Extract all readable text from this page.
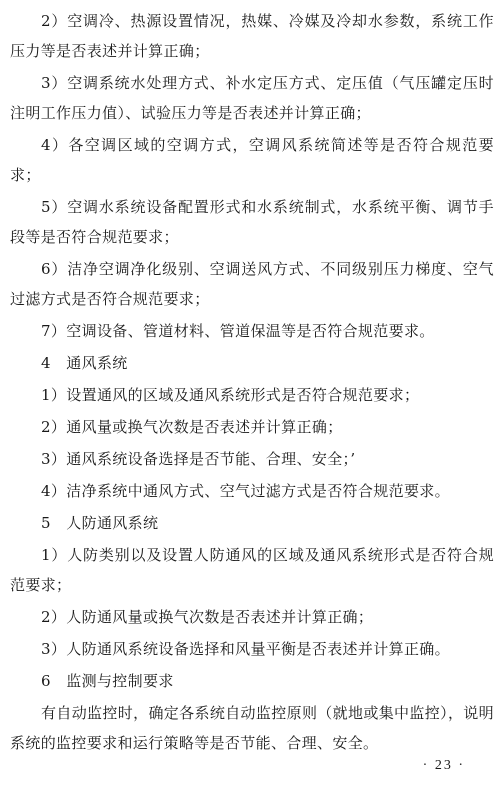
2）空调冷、热源设置情况，热媒、冷媒及冷却水参数，系统工作压力等是否表述并计算正确；

3）空调系统水处理方式、补水定压方式、定压值（气压罐定压时注明工作压力值）、试验压力等是否表述并计算正确；

4）各空调区域的空调方式，空调风系统简述等是否符合规范要求；

5）空调水系统设备配置形式和水系统制式，水系统平衡、调节手段等是否符合规范要求；

6）洁净空调净化级别、空调送风方式、不同级别压力梯度、空气过滤方式是否符合规范要求；

7）空调设备、管道材料、管道保温等是否符合规范要求。

4　通风系统

1）设置通风的区域及通风系统形式是否符合规范要求；

2）通风量或换气次数是否表述并计算正确；

3）通风系统设备选择是否节能、合理、安全；’

4）洁净系统中通风方式、空气过滤方式是否符合规范要求。

5　人防通风系统

1）人防类别以及设置人防通风的区域及通风系统形式是否符合规范要求；

2）人防通风量或换气次数是否表述并计算正确；

3）人防通风系统设备选择和风量平衡是否表述并计算正确。

6　监测与控制要求

有自动监控时，确定各系统自动监控原则（就地或集中监控），说明系统的监控要求和运行策略等是否节能、合理、安全。

· 23 ·
